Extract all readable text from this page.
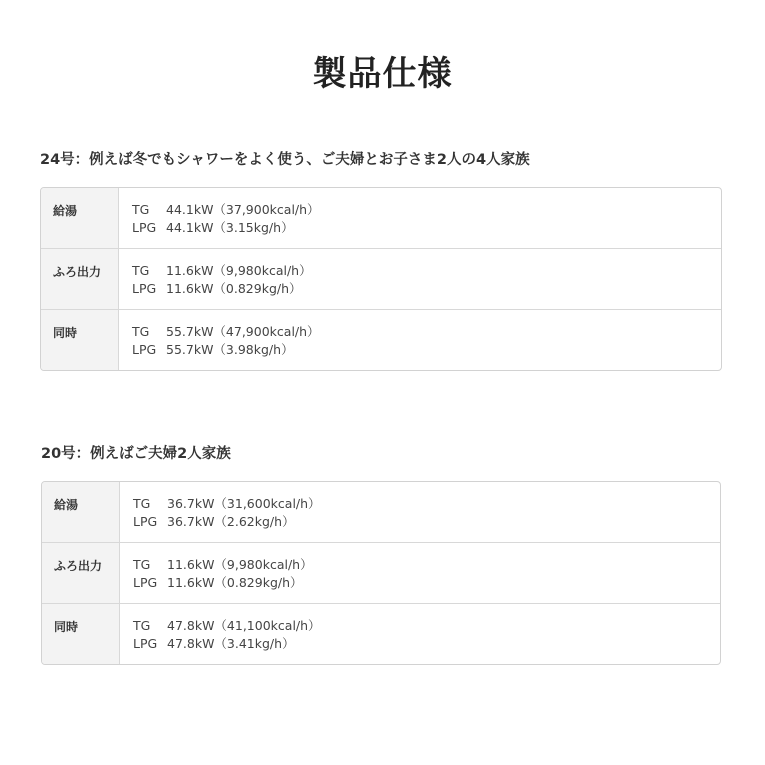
製品仕様
24号：例えば冬でもシャワーをよく使う、ご夫婦とお子さま2人の4人家族
給湯	TG	44.1kW（37,900kcal/h）
LPG 44.1kW（3.15kg/h）
ふろ出力	TG	11.6kW（9,980kcal/h）
LPG 11.6kW（0.829kg/h）
同時	TG	55.7kW（47,900kcal/h）
LPG 55.7kW（3.98kg/h）
20号：例えばご夫婦2人家族
給湯	TG	36.7kW（31,600kcal/h）
LPG 36.7kW（2.62kg/h）
ふろ出力	TG	11.6kW（9,980kcal/h）
LPG 11.6kW（0.829kg/h）
同時	TG	47.8kW（41,100kcal/h）
LPG 47.8kW（3.41kg/h）
